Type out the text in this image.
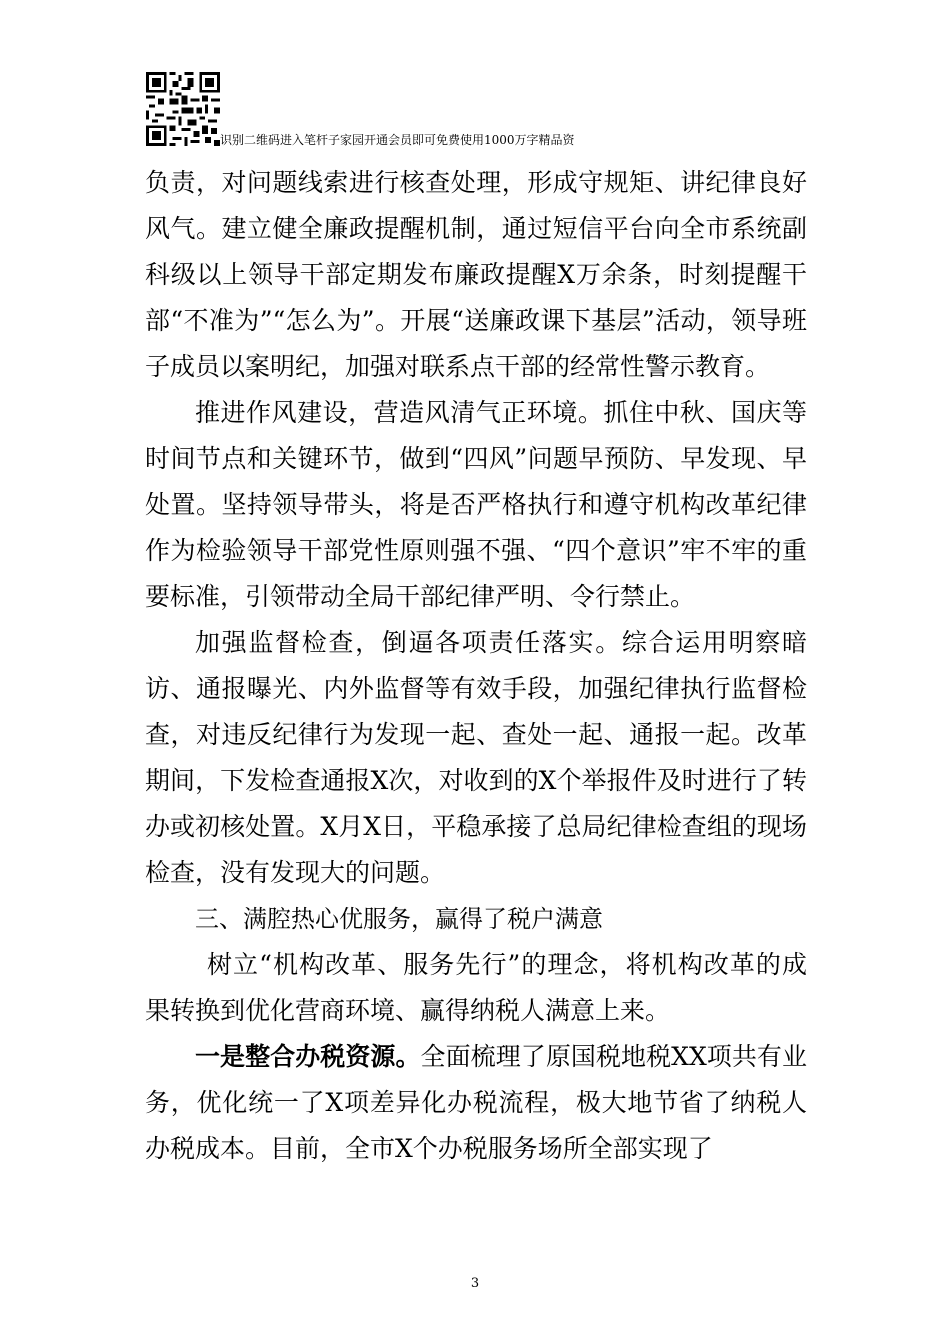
识别二维码进入笔杆子家园开通会员即可免费使用1000万字精品资

负责，对问题线索进行核查处理，形成守规矩、讲纪律良好风气。建立健全廉政提醒机制，通过短信平台向全市系统副科级以上领导干部定期发布廉政提醒X万余条，时刻提醒干部“不准为”“怎么为”。开展“送廉政课下基层”活动，领导班子成员以案明纪，加强对联系点干部的经常性警示教育。

推进作风建设，营造风清气正环境。抓住中秋、国庆等时间节点和关键环节，做到“四风”问题早预防、早发现、早处置。坚持领导带头，将是否严格执行和遵守机构改革纪律作为检验领导干部党性原则强不强、“四个意识”牢不牢的重要标准，引领带动全局干部纪律严明、令行禁止。

加强监督检查，倒逼各项责任落实。综合运用明察暗访、通报曝光、内外监督等有效手段，加强纪律执行监督检查，对违反纪律行为发现一起、查处一起、通报一起。改革期间，下发检查通报X次，对收到的X个举报件及时进行了转办或初核处置。X月X日，平稳承接了总局纪律检查组的现场检查，没有发现大的问题。

三、满腔热心优服务，赢得了税户满意

树立“机构改革、服务先行”的理念，将机构改革的成果转换到优化营商环境、赢得纳税人满意上来。

一是整合办税资源。全面梳理了原国税地税XX项共有业务，优化统一了X项差异化办税流程，极大地节省了纳税人办税成本。目前，全市X个办税服务场所全部实现了

3
